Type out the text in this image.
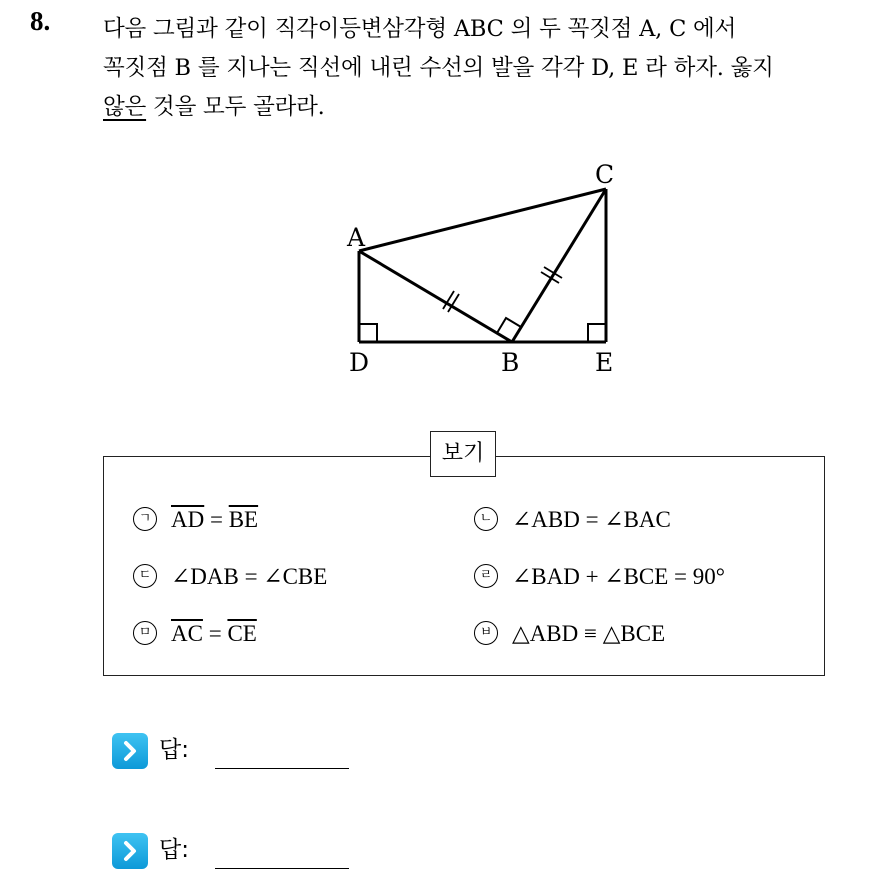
8. 다음 그림과 같이 직각이등변삼각형 ABC 의 두 꼭짓점 A, C 에서
꼭짓점 B 를 지나는 직선에 내린 수선의 발을 각각 D, E 라 하자. 옳지
않은 것을 모두 골라라.
A
C
D	B	E
보기
ㄱ $\overline{AD} = \overline{BE}$	ㄴ ∠ABD = ∠BAC
ㄷ ∠DAB = ∠CBE	ㄹ ∠BAD + ∠BCE = 90°
ㅁ $\overline{AC} = \overline{CE}$	ㅂ △ABD ≡ △BCE
답:
답:
